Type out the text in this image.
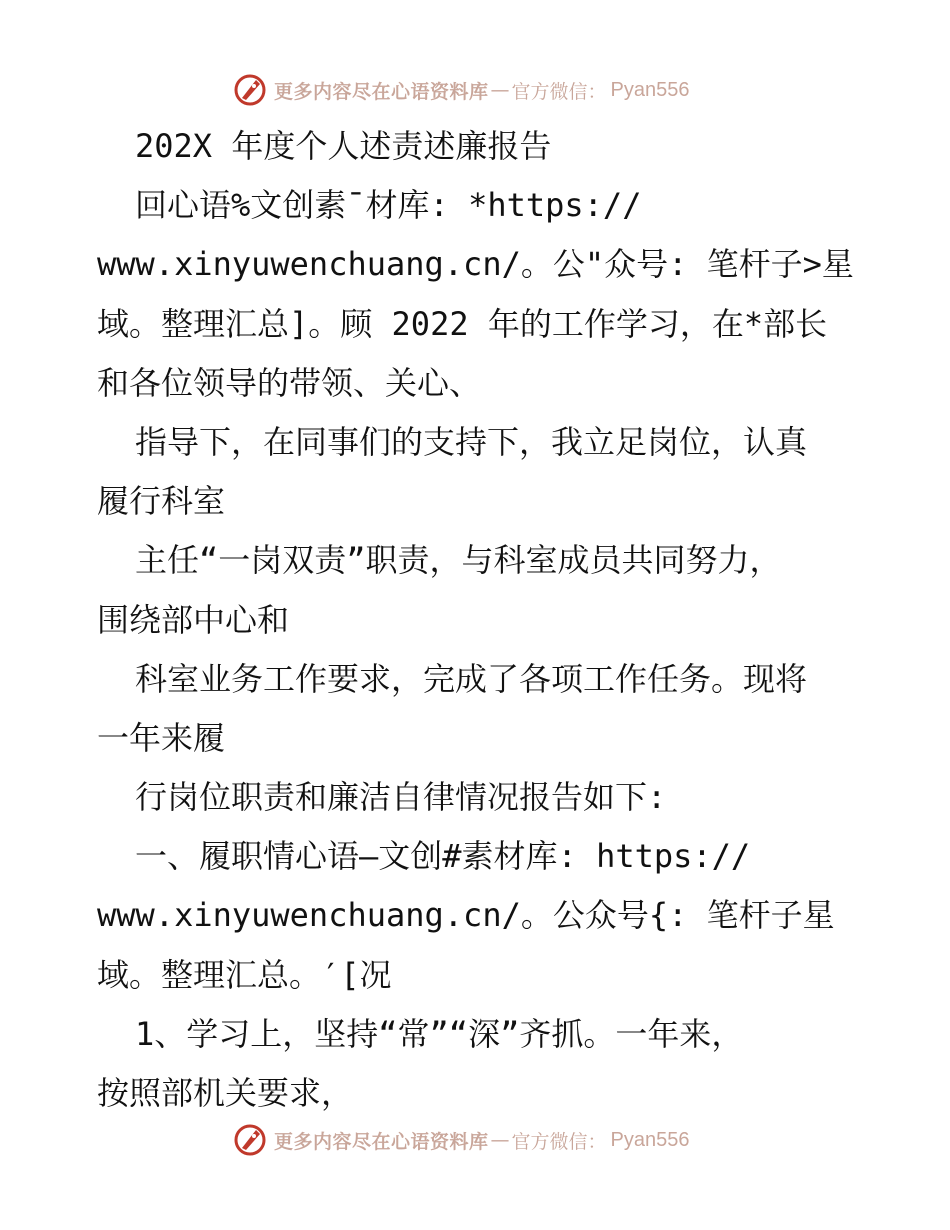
更多内容尽在心语资料库 — 官方微信： Pyan556
202X 年度个人述责述廉报告
回心语%文创素¯材库: *https://
www.xinyuwenchuang.cn/。公"众号: 笔杆子>星
域。整理汇总]。顾 2022 年的工作学习，在*部长
和各位领导的带领、关心、
指导下，在同事们的支持下，我立足岗位，认真
履行科室
主任“一岗双责”职责，与科室成员共同努力，
围绕部中心和
科室业务工作要求，完成了各项工作任务。现将
一年来履
行岗位职责和廉洁自律情况报告如下:
一、履职情心语—文创#素材库: https://
www.xinyuwenchuang.cn/。公众号{: 笔杆子星
域。整理汇总。′[况
1、学习上，坚持“常”“深”齐抓。一年来，
按照部机关要求，
更多内容尽在心语资料库 — 官方微信： Pyan556
